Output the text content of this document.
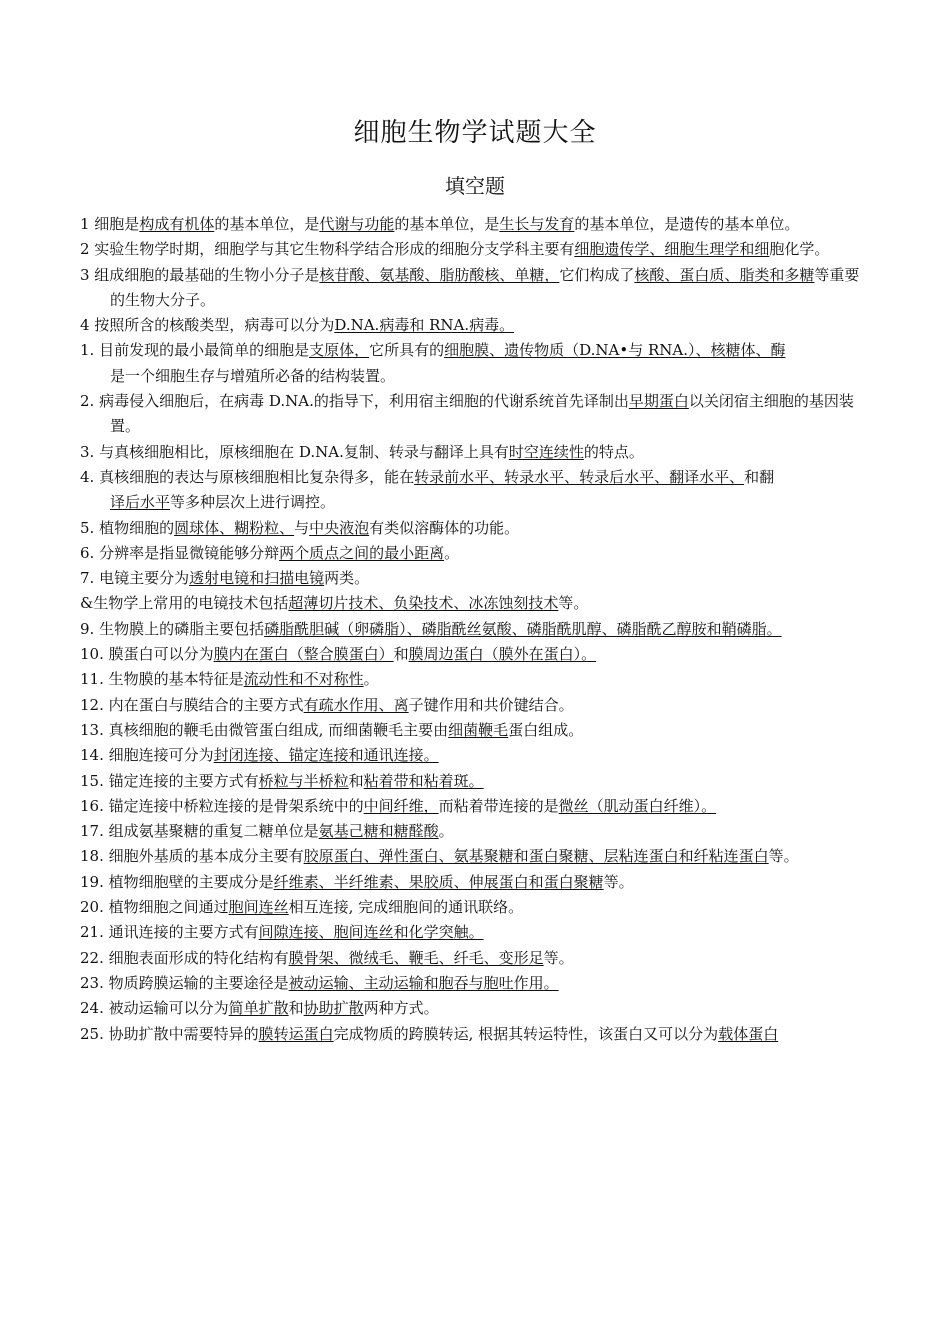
细胞生物学试题大全
填空题

1 细胞是构成有机体的基本单位，是代谢与功能的基本单位，是生长与发育的基本单位，是遗传的基本单位。

2 实验生物学时期，细胞学与其它生物科学结合形成的细胞分支学科主要有细胞遗传学、细胞生理学和细胞化学。

3 组成细胞的最基础的生物小分子是核苷酸、氨基酸、脂肪酸核、单糖，它们构成了核酸、蛋白质、脂类和多糖等重要的生物大分子。

4 按照所含的核酸类型，病毒可以分为D.NA.病毒和 RNA.病毒。

1. 目前发现的最小最简单的细胞是支原体，它所具有的细胞膜、遗传物质（D.NA•与 RNA.）、核糖体、酶

是一个细胞生存与增殖所必备的结构装置。

2. 病毒侵入细胞后，在病毒 D.NA.的指导下，利用宿主细胞的代谢系统首先译制出早期蛋白以关闭宿主细胞的基因装置。

3. 与真核细胞相比，原核细胞在 D.NA.复制、转录与翻译上具有时空连续性的特点。

4. 真核细胞的表达与原核细胞相比复杂得多，能在转录前水平、转录水平、转录后水平、翻译水平、和翻

译后水平等多种层次上进行调控。

5. 植物细胞的圆球体、糊粉粒、与中央液泡有类似溶酶体的功能。

6. 分辨率是指显微镜能够分辩两个质点之间的最小距离。

7. 电镜主要分为透射电镜和扫描电镜两类。

&生物学上常用的电镜技术包括超薄切片技术、负染技术、冰冻蚀刻技术等。

9. 生物膜上的磷脂主要包括磷脂酰胆碱（卵磷脂）、磷脂酰丝氨酸、磷脂酰肌醇、磷脂酰乙醇胺和鞘磷脂。

10. 膜蛋白可以分为膜内在蛋白（整合膜蛋白）和膜周边蛋白（膜外在蛋白）。

11. 生物膜的基本特征是流动性和不对称性。

12. 内在蛋白与膜结合的主要方式有疏水作用、离子键作用和共价键结合。

13. 真核细胞的鞭毛由微管蛋白组成, 而细菌鞭毛主要由细菌鞭毛蛋白组成。

14. 细胞连接可分为封闭连接、锚定连接和通讯连接。

15. 锚定连接的主要方式有桥粒与半桥粒和粘着带和粘着斑。

16. 锚定连接中桥粒连接的是骨架系统中的中间纤维，而粘着带连接的是微丝（肌动蛋白纤维）。

17. 组成氨基聚糖的重复二糖单位是氨基己糖和糖醛酸。

18. 细胞外基质的基本成分主要有胶原蛋白、弹性蛋白、氨基聚糖和蛋白聚糖、层粘连蛋白和纤粘连蛋白等。

19. 植物细胞壁的主要成分是纤维素、半纤维素、果胶质、伸展蛋白和蛋白聚糖等。

20. 植物细胞之间通过胞间连丝相互连接, 完成细胞间的通讯联络。

21. 通讯连接的主要方式有间隙连接、胞间连丝和化学突触。

22. 细胞表面形成的特化结构有膜骨架、微绒毛、鞭毛、纤毛、变形足等。

23. 物质跨膜运输的主要途径是被动运输、主动运输和胞吞与胞吐作用。

24. 被动运输可以分为简单扩散和协助扩散两种方式。

25. 协助扩散中需要特异的膜转运蛋白完成物质的跨膜转运, 根据其转运特性，该蛋白又可以分为载体蛋白
